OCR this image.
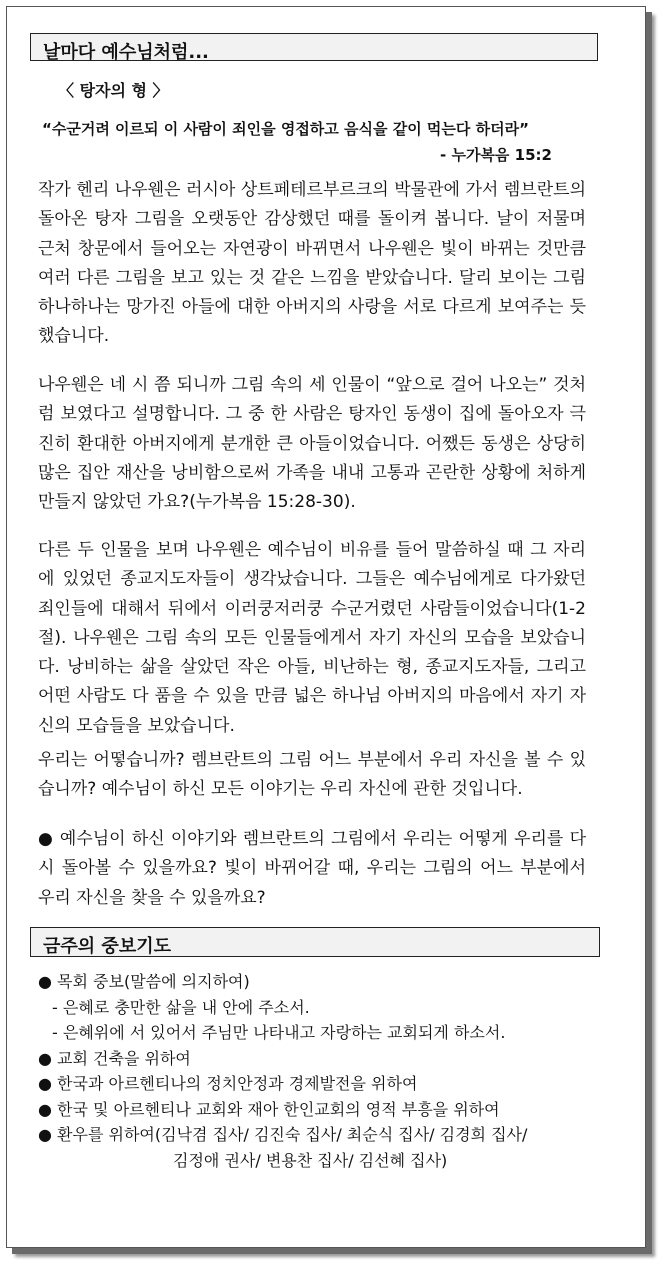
날마다 예수님처럼...
〈 탕자의 형 〉
“수군거려 이르되 이 사람이 죄인을 영접하고 음식을 같이 먹는다 하더라”
- 누가복음 15:2
작가 헨리 나우웬은 러시아 상트페테르부르크의 박물관에 가서 렘브란트의 돌아온 탕자 그림을 오랫동안 감상했던 때를 돌이켜 봅니다. 날이 저물며 근처 창문에서 들어오는 자연광이 바뀌면서 나우웬은 빛이 바뀌는 것만큼 여러 다른 그림을 보고 있는 것 같은 느낌을 받았습니다. 달리 보이는 그림 하나하나는 망가진 아들에 대한 아버지의 사랑을 서로 다르게 보여주는 듯 했습니다.
나우웬은 네 시 쯤 되니까 그림 속의 세 인물이 “앞으로 걸어 나오는” 것처럼 보였다고 설명합니다. 그 중 한 사람은 탕자인 동생이 집에 돌아오자 극진히 환대한 아버지에게 분개한 큰 아들이었습니다. 어쨌든 동생은 상당히 많은 집안 재산을 낭비함으로써 가족을 내내 고통과 곤란한 상황에 처하게 만들지 않았던 가요?(누가복음 15:28-30).
다른 두 인물을 보며 나우웬은 예수님이 비유를 들어 말씀하실 때 그 자리에 있었던 종교지도자들이 생각났습니다. 그들은 예수님에게로 다가왔던 죄인들에 대해서 뒤에서 이러쿵저러쿵 수군거렸던 사람들이었습니다(1-2절). 나우웬은 그림 속의 모든 인물들에게서 자기 자신의 모습을 보았습니다. 낭비하는 삶을 살았던 작은 아들, 비난하는 형, 종교지도자들, 그리고 어떤 사람도 다 품을 수 있을 만큼 넓은 하나님 아버지의 마음에서 자기 자신의 모습들을 보았습니다.
우리는 어떻습니까? 렘브란트의 그림 어느 부분에서 우리 자신을 볼 수 있습니까? 예수님이 하신 모든 이야기는 우리 자신에 관한 것입니다.
● 예수님이 하신 이야기와 렘브란트의 그림에서 우리는 어떻게 우리를 다시 돌아볼 수 있을까요? 빛이 바뀌어갈 때, 우리는 그림의 어느 부분에서 우리 자신을 찾을 수 있을까요?
금주의 중보기도
● 목회 중보(말씀에 의지하여)
- 은혜로 충만한 삶을 내 안에 주소서.
- 은혜위에 서 있어서 주님만 나타내고 자랑하는 교회되게 하소서.
● 교회 건축을 위하여
● 한국과 아르헨티나의 정치안정과 경제발전을 위하여
● 한국 및 아르헨티나 교회와 재아 한인교회의 영적 부흥을 위하여
● 환우를 위하여(김낙겸 집사/ 김진숙 집사/ 최순식 집사/ 김경희 집사/
김정애 권사/ 변용찬 집사/ 김선혜 집사)
